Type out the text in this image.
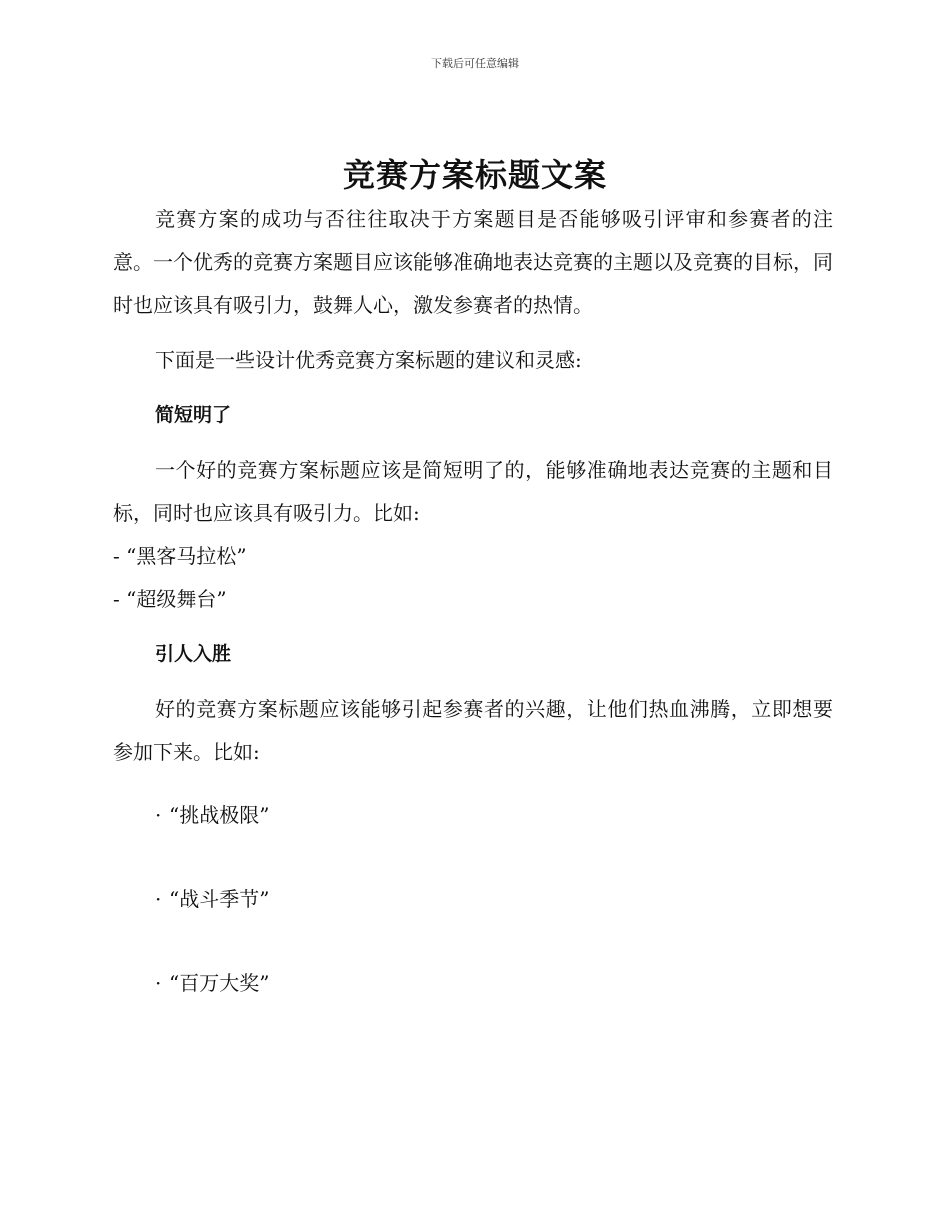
下载后可任意编辑
竞赛方案标题文案

竞赛方案的成功与否往往取决于方案题目是否能够吸引评审和参赛者的注意。一个优秀的竞赛方案题目应该能够准确地表达竞赛的主题以及竞赛的目标，同时也应该具有吸引力，鼓舞人心，激发参赛者的热情。

下面是一些设计优秀竞赛方案标题的建议和灵感:

简短明了

一个好的竞赛方案标题应该是简短明了的，能够准确地表达竞赛的主题和目标，同时也应该具有吸引力。比如:

- “黑客马拉松”

- “超级舞台”

引人入胜

好的竞赛方案标题应该能够引起参赛者的兴趣，让他们热血沸腾，立即想要参加下来。比如:

· “挑战极限”
· “战斗季节”
· “百万大奖”
